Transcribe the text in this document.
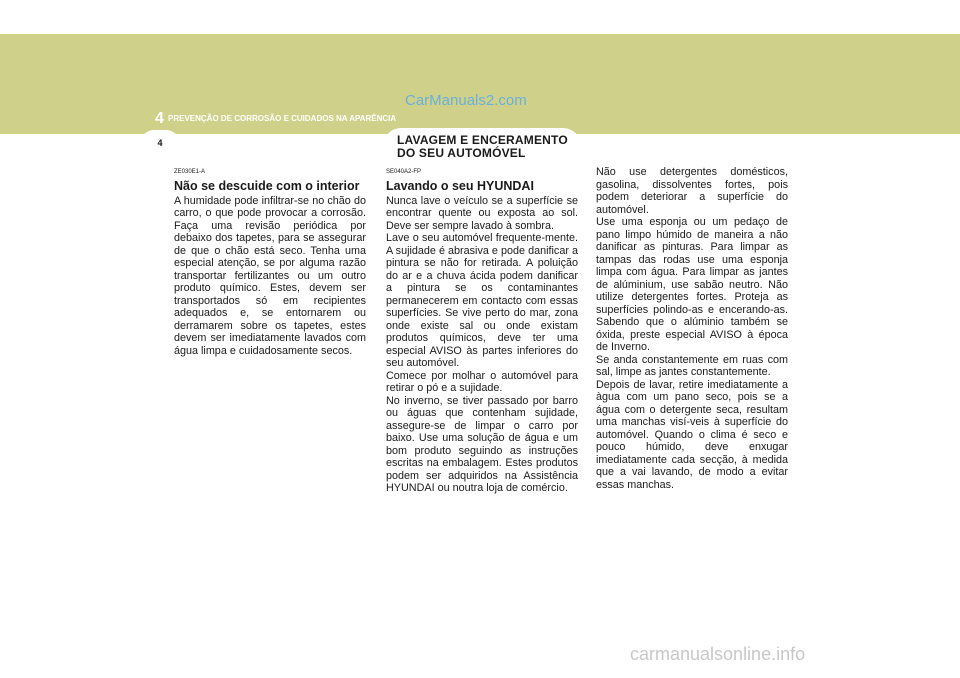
4 PREVENÇÃO DE CORROSÃO E CUIDADOS NA APARÊNCIA
CarManuals2.com
4	LAVAGEM E ENCERAMENTO
DO SEU AUTOMÓVEL
ZE030E1-A
Não se descuide com o interior

A humidade pode infiltrar-se no chão do carro, o que pode provocar a corrosão. Faça uma revisão periódica por debaixo dos tapetes, para se assegurar de que o chão está seco. Tenha uma especial atenção, se por alguma razão transportar fertilizantes ou um outro produto químico. Estes, devem ser transportados só em recipientes adequados e, se entornarem ou derramarem sobre os tapetes, estes devem ser imediatamente lavados com água limpa e cuidadosamente secos.

SE040A2-FP
Lavando o seu HYUNDAI

Nunca lave o veículo se a superfície se encontrar quente ou exposta ao sol. Deve ser sempre lavado à sombra.

Lave o seu automóvel frequente-mente. A sujidade é abrasiva e pode danificar a pintura se não for retirada. A poluição do ar e a chuva ácida podem danificar a pintura se os contaminantes permanecerem em contacto com essas superfícies. Se vive perto do mar, zona onde existe sal ou onde existam produtos químicos, deve ter uma especial AVISO às partes inferiores do seu automóvel.

Comece por molhar o automóvel para retirar o pó e a sujidade.

No inverno, se tiver passado por barro ou águas que contenham sujidade, assegure-se de limpar o carro por baixo. Use uma solução de água e um bom produto seguindo as instruções escritas na embalagem. Estes produtos podem ser adquiridos na Assistência HYUNDAI ou noutra loja de comércio.

Não use detergentes domésticos, gasolina, dissolventes fortes, pois podem deteriorar a superfície do automóvel.

Use uma esponja ou um pedaço de pano limpo húmido de maneira a não danificar as pinturas. Para limpar as tampas das rodas use uma esponja limpa com água. Para limpar as jantes de alúminium, use sabão neutro. Não utilize detergentes fortes. Proteja as superfícies polindo-as e encerando-as. Sabendo que o alúminio também se óxida, preste especial AVISO à época de Inverno.

Se anda constantemente em ruas com sal, limpe as jantes constantemente.

Depois de lavar, retire imediatamente a àgua com um pano seco, pois se a água com o detergente seca, resultam uma manchas visí-veis à superfície do automóvel. Quando o clima é seco e pouco húmido, deve enxugar imediatamente cada secção, à medida que a vai lavando, de modo a evitar essas manchas.

carmanualsonline.info
